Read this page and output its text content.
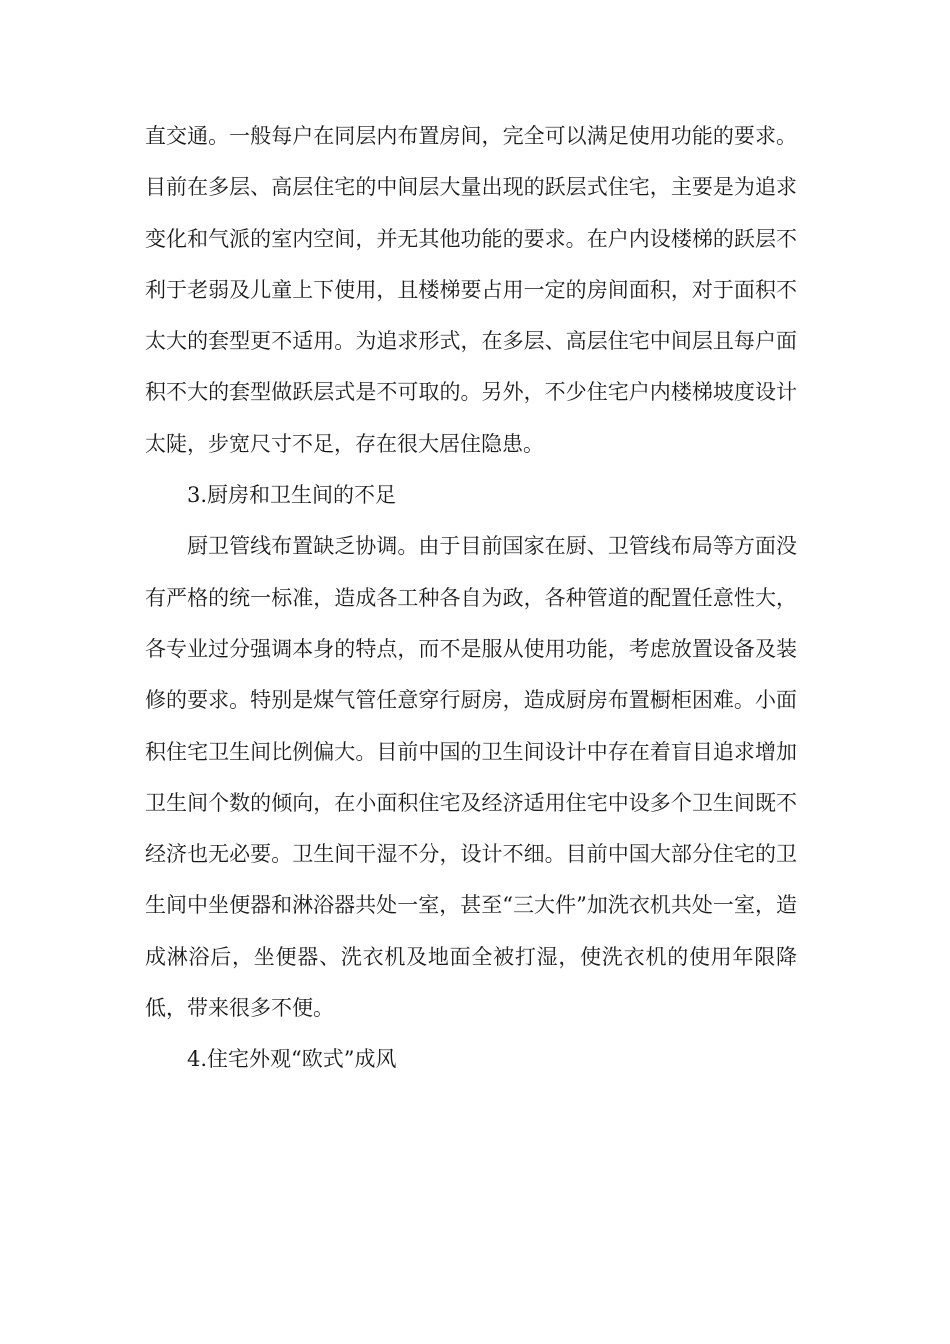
直交通。一般每户在同层内布置房间，完全可以满足使用功能的要求。目前在多层、高层住宅的中间层大量出现的跃层式住宅，主要是为追求变化和气派的室内空间，并无其他功能的要求。在户内设楼梯的跃层不利于老弱及儿童上下使用，且楼梯要占用一定的房间面积，对于面积不太大的套型更不适用。为追求形式，在多层、高层住宅中间层且每户面积不大的套型做跃层式是不可取的。另外，不少住宅户内楼梯坡度设计太陡，步宽尺寸不足，存在很大居住隐患。

3.厨房和卫生间的不足

厨卫管线布置缺乏协调。由于目前国家在厨、卫管线布局等方面没有严格的统一标准，造成各工种各自为政，各种管道的配置任意性大，各专业过分强调本身的特点，而不是服从使用功能，考虑放置设备及装修的要求。特别是煤气管任意穿行厨房，造成厨房布置橱柜困难。小面积住宅卫生间比例偏大。目前中国的卫生间设计中存在着盲目追求增加卫生间个数的倾向，在小面积住宅及经济适用住宅中设多个卫生间既不经济也无必要。卫生间干湿不分，设计不细。目前中国大部分住宅的卫生间中坐便器和淋浴器共处一室，甚至“三大件”加洗衣机共处一室，造成淋浴后，坐便器、洗衣机及地面全被打湿，使洗衣机的使用年限降低，带来很多不便。

4.住宅外观“欧式”成风
